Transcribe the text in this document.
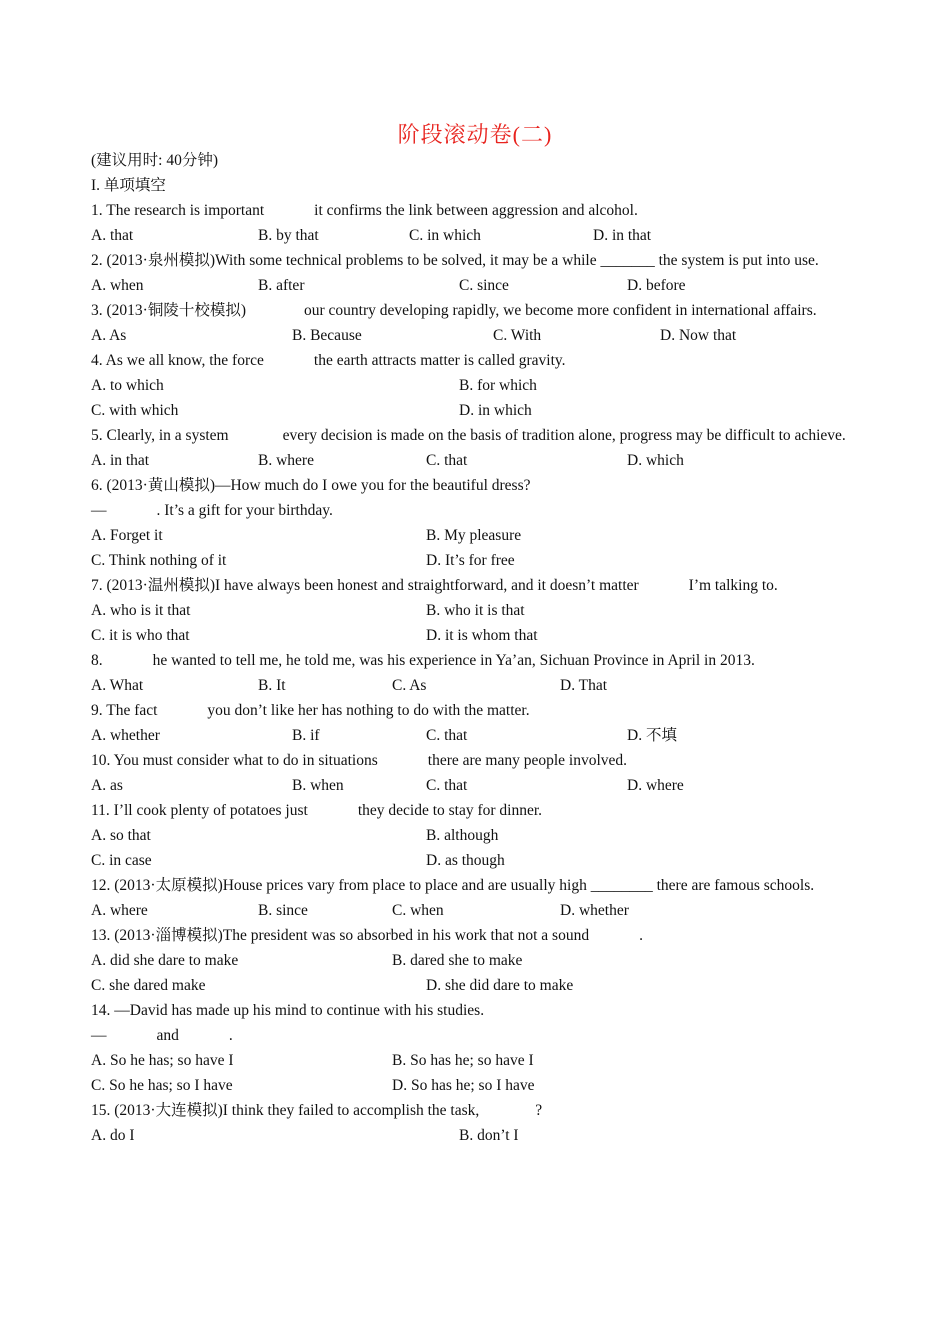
阶段滚动卷(二)
(建议用时: 40分钟)
I. 单项填空
1. The research is important	it confirms the link between aggression and alcohol.
A. that	B. by that	C. in which	D. in that
2. (2013·泉州模拟)With some technical problems to be solved, it may be a while _______ the system is put into use.
A. when	B. after	C. since	D. before
3. (2013·铜陵十校模拟)	our country developing rapidly, we become more confident in international affairs.
A. As	B. Because	C. With	D. Now that
4. As we all know, the force	the earth attracts matter is called gravity.
A. to which	B. for which
C. with which	D. in which
5. Clearly, in a system	every decision is made on the basis of tradition alone, progress may be difficult to achieve.
A. in that	B. where	C. that	D. which
6. (2013·黄山模拟)—How much do I owe you for the beautiful dress?
—	. It’s a gift for your birthday.
A. Forget it	B. My pleasure
C. Think nothing of it	D. It’s for free
7. (2013·温州模拟)I have always been honest and straightforward, and it doesn’t matter	I’m talking to.
A. who is it that	B. who it is that
C. it is who that	D. it is whom that
8.	he wanted to tell me, he told me, was his experience in Ya’an, Sichuan Province in April in 2013.
A. What	B. It	C. As	D. That
9. The fact	you don’t like her has nothing to do with the matter.
A. whether	B. if	C. that	D. 不填
10. You must consider what to do in situations	there are many people involved.
A. as	B. when	C. that	D. where
11. I’ll cook plenty of potatoes just	they decide to stay for dinner.
A. so that	B. although
C. in case	D. as though
12. (2013·太原模拟)House prices vary from place to place and are usually high ________ there are famous schools.
A. where	B. since	C. when	D. whether
13. (2013·淄博模拟)The president was so absorbed in his work that not a sound	.
A. did she dare to make	B. dared she to make
C. she dared make	D. she did dare to make
14. —David has made up his mind to continue with his studies.
—	and	.
A. So he has; so have I	B. So has he; so have I
C. So he has; so I have	D. So has he; so I have
15. (2013·大连模拟)I think they failed to accomplish the task,	?
A. do I	B. don’t I
